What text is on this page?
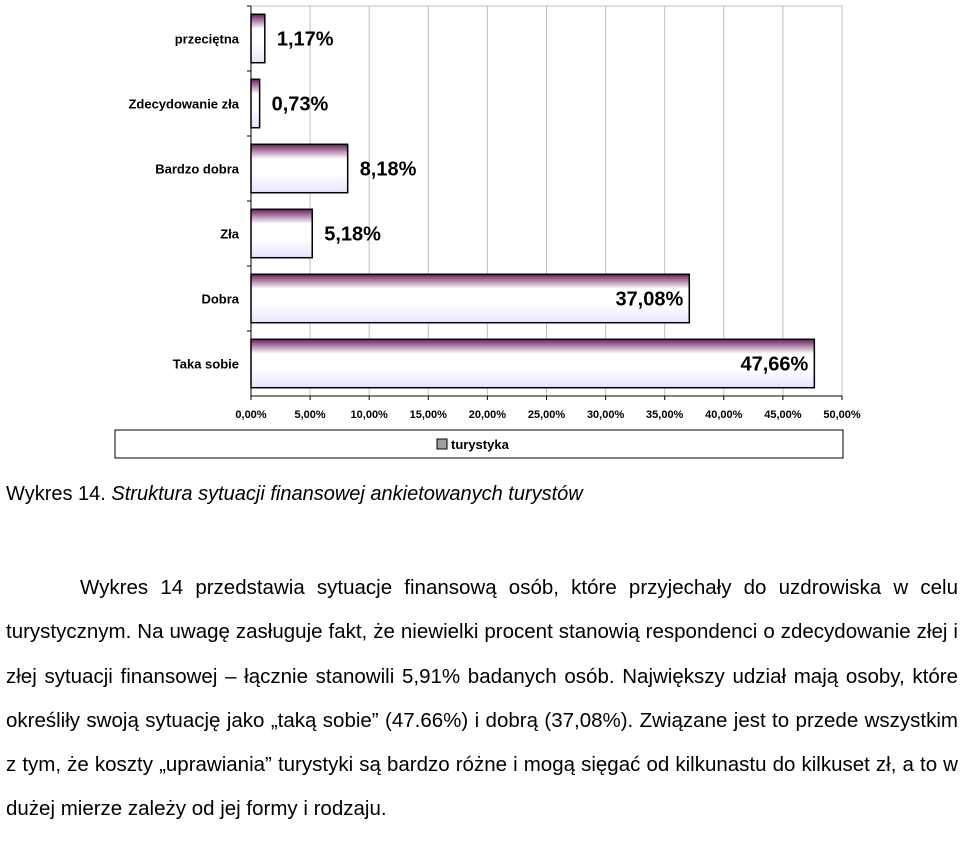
0,00%	5,00% 10,00% 15,00% 20,00% 25,00% 30,00% 35,00% 40,00% 45,00% 50,00%
przeciętna 1,17%
Zdecydowanie zła 0,73%
Bardzo dobra	8,18%
Zła	5,18%
Dobra	37,08%
Taka sobie	47,66%
turystyka
Wykres 14. Struktura sytuacji finansowej ankietowanych turystów

Wykres 14 przedstawia sytuacje finansową osób, które przyjechały do uzdrowiska w celu turystycznym. Na uwagę zasługuje fakt, że niewielki procent stanowią respondenci o zdecydowanie złej i złej sytuacji finansowej – łącznie stanowili 5,91% badanych osób. Największy udział mają osoby, które określiły swoją sytuację jako „taką sobie” (47.66%) i dobrą (37,08%). Związane jest to przede wszystkim z tym, że koszty „uprawiania” turystyki są bardzo różne i mogą sięgać od kilkunastu do kilkuset zł, a to w dużej mierze zależy od jej formy i rodzaju.
